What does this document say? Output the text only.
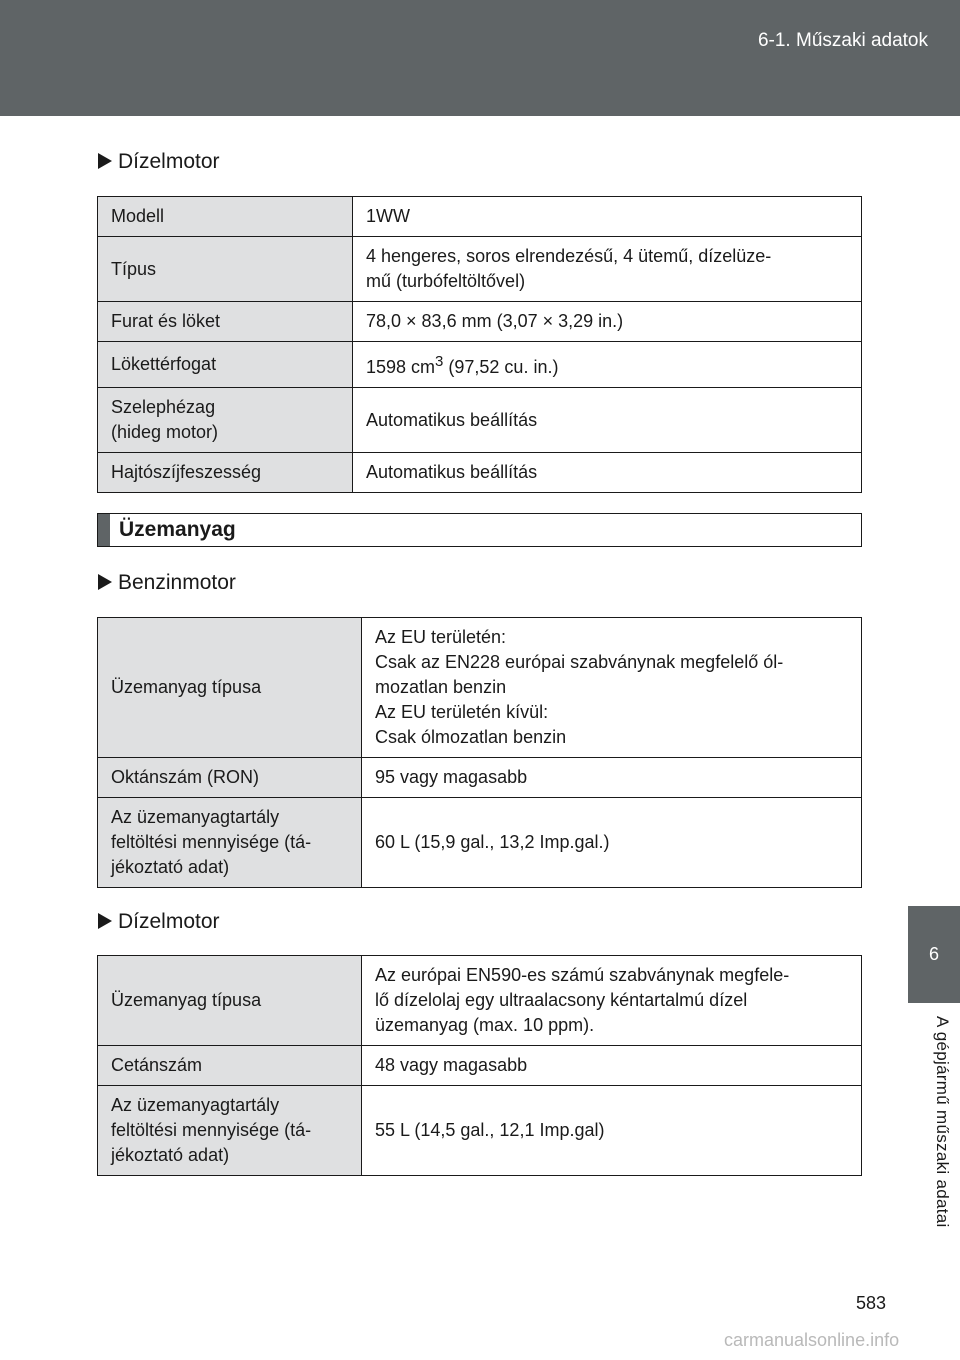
6-1. Műszaki adatok
6
A gépjármű műszaki adatai
Dízelmotor
Modell	1WW
Típus	4 hengeres, soros elrendezésű, 4 ütemű, dízelüze-
mű (turbófeltöltővel)
Furat és löket	78,0 × 83,6 mm (3,07 × 3,29 in.)
Lökettérfogat	1598 $cm^3$ (97,52 cu. in.)
Szelephézag
(hideg motor)	Automatikus beállítás
Hajtószíjfeszesség	Automatikus beállítás
Üzemanyag
Benzinmotor
Üzemanyag típusa	Az EU területén:
Csak az EN228 európai szabványnak megfelelő ól-
mozatlan benzin
Az EU területén kívül:
Csak ólmozatlan benzin
Oktánszám (RON)	95 vagy magasabb
Az üzemanyagtartály
feltöltési mennyisége (tá-
jékoztató adat)	60 L (15,9 gal., 13,2 Imp.gal.)
Dízelmotor
Üzemanyag típusa	Az európai EN590-es számú szabványnak megfele-
lő dízelolaj egy ultraalacsony kéntartalmú dízel
üzemanyag (max. 10 ppm).
Cetánszám	48 vagy magasabb
Az üzemanyagtartály
feltöltési mennyisége (tá-
jékoztató adat)	55 L (14,5 gal., 12,1 Imp.gal)
583
carmanualsonline.info
